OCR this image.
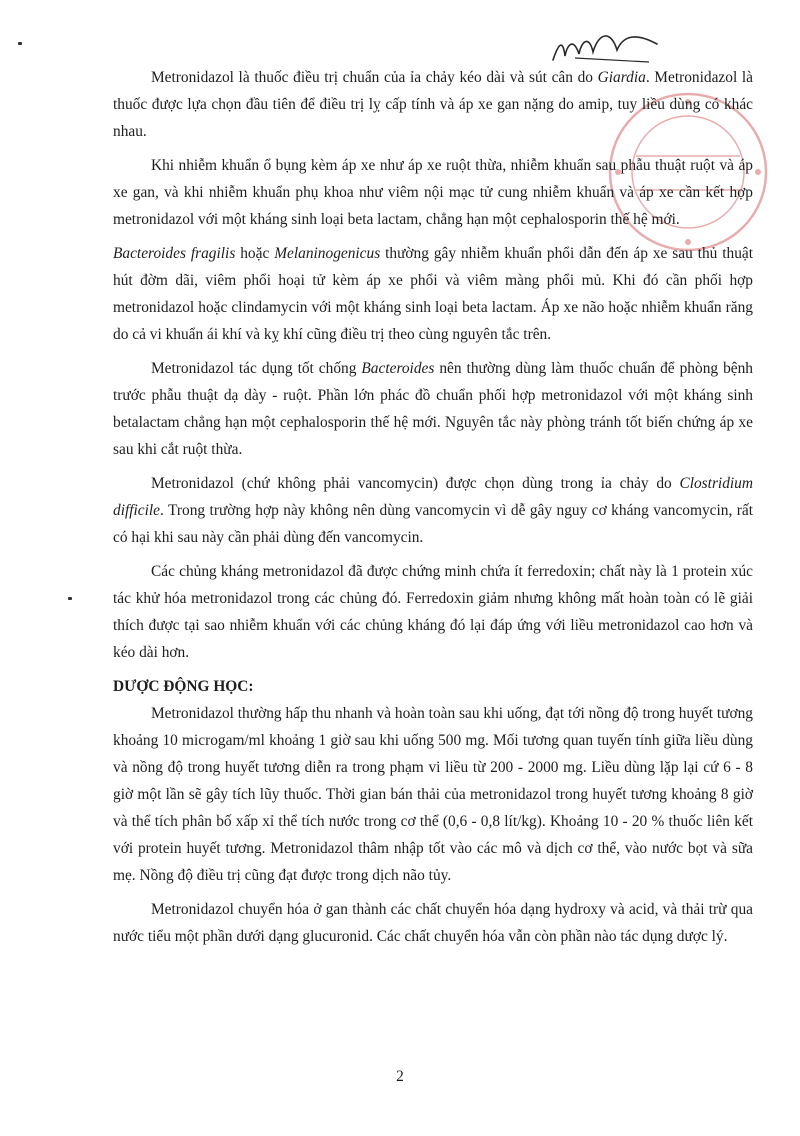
Metronidazol là thuốc điều trị chuẩn của ỉa chảy kéo dài và sút cân do Giardia. Metronidazol là thuốc được lựa chọn đầu tiên để điều trị lỵ cấp tính và áp xe gan nặng do amip, tuy liều dùng có khác nhau.

Khi nhiễm khuẩn ổ bụng kèm áp xe như áp xe ruột thừa, nhiễm khuẩn sau phẫu thuật ruột và áp xe gan, và khi nhiễm khuẩn phụ khoa như viêm nội mạc tử cung nhiễm khuẩn và áp xe cần kết hợp metronidazol với một kháng sinh loại beta lactam, chẳng hạn một cephalosporin thế hệ mới.

Bacteroides fragilis hoặc Melaninogenicus thường gây nhiễm khuẩn phổi dẫn đến áp xe sau thủ thuật hút đờm dãi, viêm phổi hoại tử kèm áp xe phổi và viêm màng phổi mủ. Khi đó cần phối hợp metronidazol hoặc clindamycin với một kháng sinh loại beta lactam. Áp xe não hoặc nhiễm khuẩn răng do cả vi khuẩn ái khí và kỵ khí cũng điều trị theo cùng nguyên tắc trên.

Metronidazol tác dụng tốt chống Bacteroides nên thường dùng làm thuốc chuẩn để phòng bệnh trước phẫu thuật dạ dày - ruột. Phần lớn phác đồ chuẩn phối hợp metronidazol với một kháng sinh betalactam chẳng hạn một cephalosporin thế hệ mới. Nguyên tắc này phòng tránh tốt biến chứng áp xe sau khi cắt ruột thừa.

Metronidazol (chứ không phải vancomycin) được chọn dùng trong ỉa chảy do Clostridium difficile. Trong trường hợp này không nên dùng vancomycin vì dễ gây nguy cơ kháng vancomycin, rất có hại khi sau này cần phải dùng đến vancomycin.

Các chủng kháng metronidazol đã được chứng minh chứa ít ferredoxin; chất này là 1 protein xúc tác khử hóa metronidazol trong các chủng đó. Ferredoxin giảm nhưng không mất hoàn toàn có lẽ giải thích được tại sao nhiễm khuẩn với các chủng kháng đó lại đáp ứng với liều metronidazol cao hơn và kéo dài hơn.

DƯỢC ĐỘNG HỌC:

Metronidazol thường hấp thu nhanh và hoàn toàn sau khi uống, đạt tới nồng độ trong huyết tương khoảng 10 microgam/ml khoảng 1 giờ sau khi uống 500 mg. Mối tương quan tuyến tính giữa liều dùng và nồng độ trong huyết tương diễn ra trong phạm vi liều từ 200 - 2000 mg. Liều dùng lặp lại cứ 6 - 8 giờ một lần sẽ gây tích lũy thuốc. Thời gian bán thải của metronidazol trong huyết tương khoảng 8 giờ và thể tích phân bố xấp xỉ thể tích nước trong cơ thể (0,6 - 0,8 lít/kg). Khoảng 10 - 20 % thuốc liên kết với protein huyết tương. Metronidazol thâm nhập tốt vào các mô và dịch cơ thể, vào nước bọt và sữa mẹ. Nồng độ điều trị cũng đạt được trong dịch não tủy.

Metronidazol chuyển hóa ở gan thành các chất chuyển hóa dạng hydroxy và acid, và thải trừ qua nước tiểu một phần dưới dạng glucuronid. Các chất chuyển hóa vẫn còn phần nào tác dụng dược lý.

2
